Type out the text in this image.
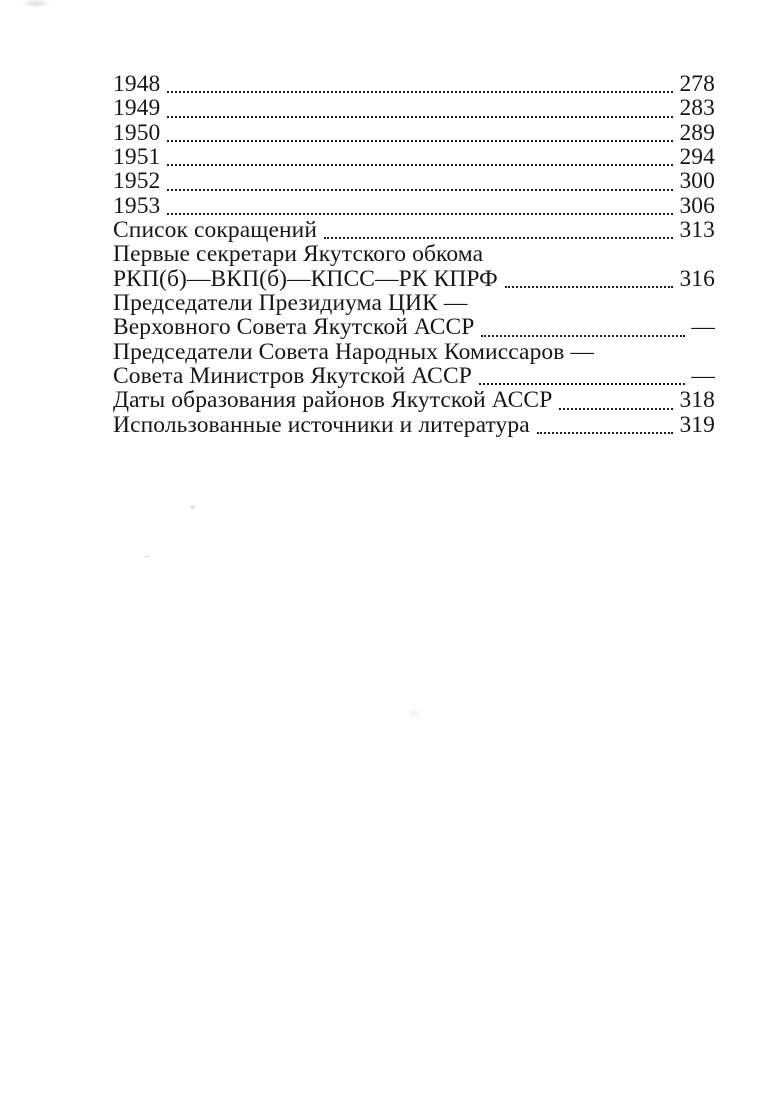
1948	278
1949	283
1950	289
1951	294
1952	300
1953	306
Список сокращений	313
Первые секретари Якутского обкома
РКП(б)—ВКП(б)—КПСС—РК КПРФ	316
Председатели Президиума ЦИК —
Верховного Совета Якутской АССР	—
Председатели Совета Народных Комиссаров —
Совета Министров Якутской АССР	—
Даты образования районов Якутской АССР	318
Использованные источники и литература	319
